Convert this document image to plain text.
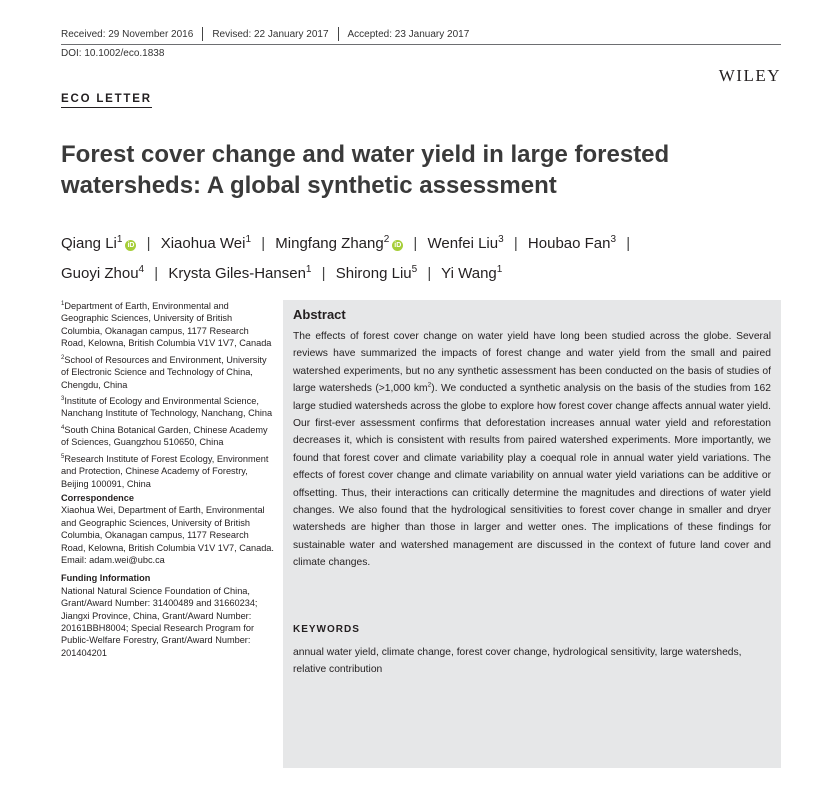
Received: 29 November 2016 Revised: 22 January 2017 Accepted: 23 January 2017
DOI: 10.1002/eco.1838
WILEY
ECO LETTER
Forest cover change and water yield in large forested watersheds: A global synthetic assessment
Qiang Li$^1$iD | Xiaohua Wei$^1$ | Mingfang Zhang$^2$iD | Wenfei Liu$^3$ | Houbao Fan$^3$ |
Guoyi Zhou$^4$ | Krysta Giles-Hansen$^1$ | Shirong Liu$^5$ | Yi Wang$^1$
$^1$Department of Earth, Environmental and Geographic Sciences, University of British Columbia, Okanagan campus, 1177 Research Road, Kelowna, British Columbia V1V 1V7, Canada
$^2$School of Resources and Environment, University of Electronic Science and Technology of China, Chengdu, China
$^3$Institute of Ecology and Environmental Science, Nanchang Institute of Technology, Nanchang, China
$^4$South China Botanical Garden, Chinese Academy of Sciences, Guangzhou 510650, China
$^5$Research Institute of Forest Ecology, Environment and Protection, Chinese Academy of Forestry, Beijing 100091, China
Correspondence
Xiaohua Wei, Department of Earth, Environmental and Geographic Sciences, University of British Columbia, Okanagan campus, 1177 Research Road, Kelowna, British Columbia V1V 1V7, Canada.
Email: adam.wei@ubc.ca
Funding Information
National Natural Science Foundation of China, Grant/Award Number: 31400489 and 31660234; Jiangxi Province, China, Grant/Award Number: 20161BBH8004; Special Research Program for Public-Welfare Forestry, Grant/Award Number: 201404201
Abstract
The effects of forest cover change on water yield have long been studied across the globe. Several reviews have summarized the impacts of forest change and water yield from the small and paired watershed experiments, but no any synthetic assessment has been conducted on the basis of studies of large watersheds (>1,000 $km^2$). We conducted a synthetic analysis on the basis of the studies from 162 large studied watersheds across the globe to explore how forest cover change affects annual water yield. Our first-ever assessment confirms that deforestation increases annual water yield and reforestation decreases it, which is consistent with results from paired watershed experiments. More importantly, we found that forest cover and climate variability play a coequal role in annual water yield variations. The effects of forest cover change and climate variability on annual water yield variations can be additive or offsetting. Thus, their interactions can critically determine the magnitudes and directions of water yield changes. We also found that the hydrological sensitivities to forest cover change in smaller and dryer watersheds are higher than those in larger and wetter ones. The implications of these findings for sustainable water and watershed management are discussed in the context of future land cover and climate changes.
KEYWORDS
annual water yield, climate change, forest cover change, hydrological sensitivity, large watersheds, relative contribution
